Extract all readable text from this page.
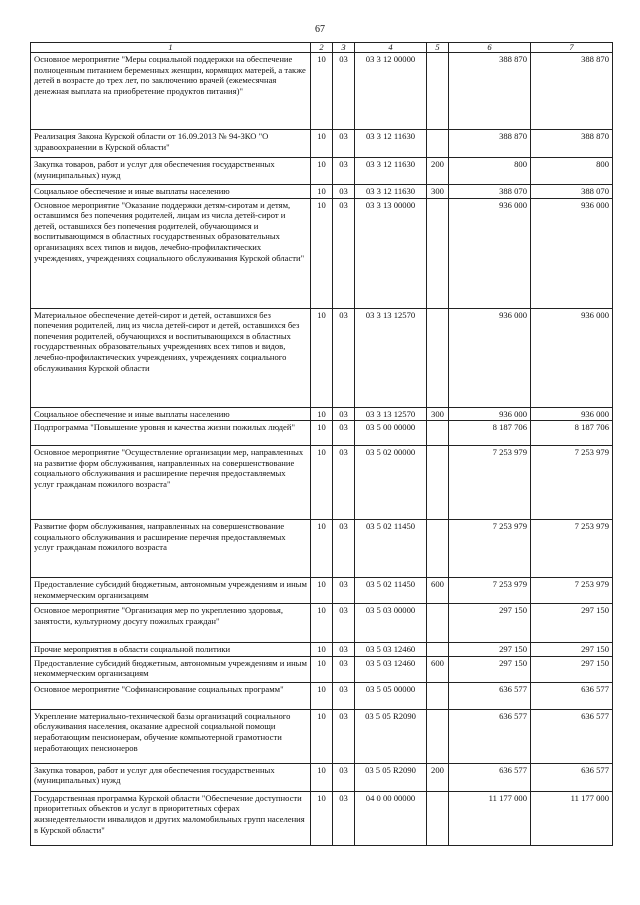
67
1	2	3	4	5	6	7
Основное мероприятие "Меры социальной поддержки на обеспечение полноценным питанием беременных женщин, кормящих матерей, а также детей в возрасте до трех лет, по заключению врачей (ежемесячная денежная выплата на приобретение продуктов питания)"	10	03	03 3 12 00000		388 870	388 870
Реализация Закона Курской области от 16.09.2013 № 94-ЗКО "О здравоохранении в Курской области"	10	03	03 3 12 11630		388 870	388 870
Закупка товаров, работ и услуг для обеспечения государственных (муниципальных) нужд	10	03	03 3 12 11630	200	800	800
Социальное обеспечение и иные выплаты населению	10	03	03 3 12 11630	300	388 070	388 070
Основное мероприятие "Оказание поддержки детям-сиротам и детям, оставшимся без попечения родителей, лицам из числа детей-сирот и детей, оставшихся без попечения родителей, обучающимся и воспитывающимся в областных государственных образовательных организациях всех типов и видов, лечебно-профилактических учреждениях, учреждениях социального обслуживания Курской области"	10	03	03 3 13 00000		936 000	936 000
Материальное обеспечение детей-сирот и детей, оставшихся без попечения родителей, лиц из числа детей-сирот и детей, оставшихся без попечения родителей, обучающихся и воспитывающихся в областных государственных образовательных учреждениях всех типов и видов, лечебно-профилактических учреждениях, учреждениях социального обслуживания Курской области	10	03	03 3 13 12570		936 000	936 000
Социальное обеспечение и иные выплаты населению	10	03	03 3 13 12570	300	936 000	936 000
Подпрограмма "Повышение уровня и качества жизни пожилых людей"	10	03	03 5 00 00000		8 187 706	8 187 706
Основное мероприятие "Осуществление организации мер, направленных на развитие форм обслуживания, направленных на совершенствование социального обслуживания и расширение перечня предоставляемых услуг гражданам пожилого возраста"	10	03	03 5 02 00000		7 253 979	7 253 979
Развитие форм обслуживания, направленных на совершенствование социального обслуживания и расширение перечня предоставляемых услуг гражданам пожилого возраста	10	03	03 5 02 11450		7 253 979	7 253 979
Предоставление субсидий бюджетным, автономным учреждениям и иным некоммерческим организациям	10	03	03 5 02 11450	600	7 253 979	7 253 979
Основное мероприятие "Организация мер по укреплению здоровья, занятости, культурному досугу пожилых граждан"	10	03	03 5 03 00000		297 150	297 150
Прочие мероприятия в области социальной политики	10	03	03 5 03 12460		297 150	297 150
Предоставление субсидий бюджетным, автономным учреждениям и иным некоммерческим организациям	10	03	03 5 03 12460	600	297 150	297 150
Основное мероприятие "Софинансирование социальных программ"	10	03	03 5 05 00000		636 577	636 577
Укрепление материально-технической базы организаций социального обслуживания населения, оказание адресной социальной помощи неработающим пенсионерам, обучение компьютерной грамотности неработающих пенсионеров	10	03	03 5 05 R2090		636 577	636 577
Закупка товаров, работ и услуг для обеспечения государственных (муниципальных) нужд	10	03	03 5 05 R2090	200	636 577	636 577
Государственная программа Курской области "Обеспечение доступности приоритетных объектов и услуг в приоритетных сферах жизнедеятельности инвалидов и других маломобильных групп населения в Курской области"	10	03	04 0 00 00000		11 177 000	11 177 000
